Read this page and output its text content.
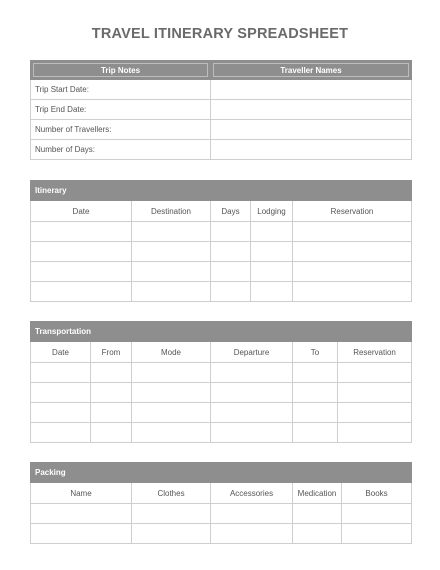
TRAVEL ITINERARY SPREADSHEET
Trip Notes	Traveller Names

Trip Start Date:	
Trip End Date:	
Number of Travellers:	
Number of Days:	
Itinerary				
Date	Destination	Days	Lodging	Reservation

Transportation					
Date	From	Mode	Departure	To	Reservation

Packing				
Name	Clothes	Accessories	Medication	Books
